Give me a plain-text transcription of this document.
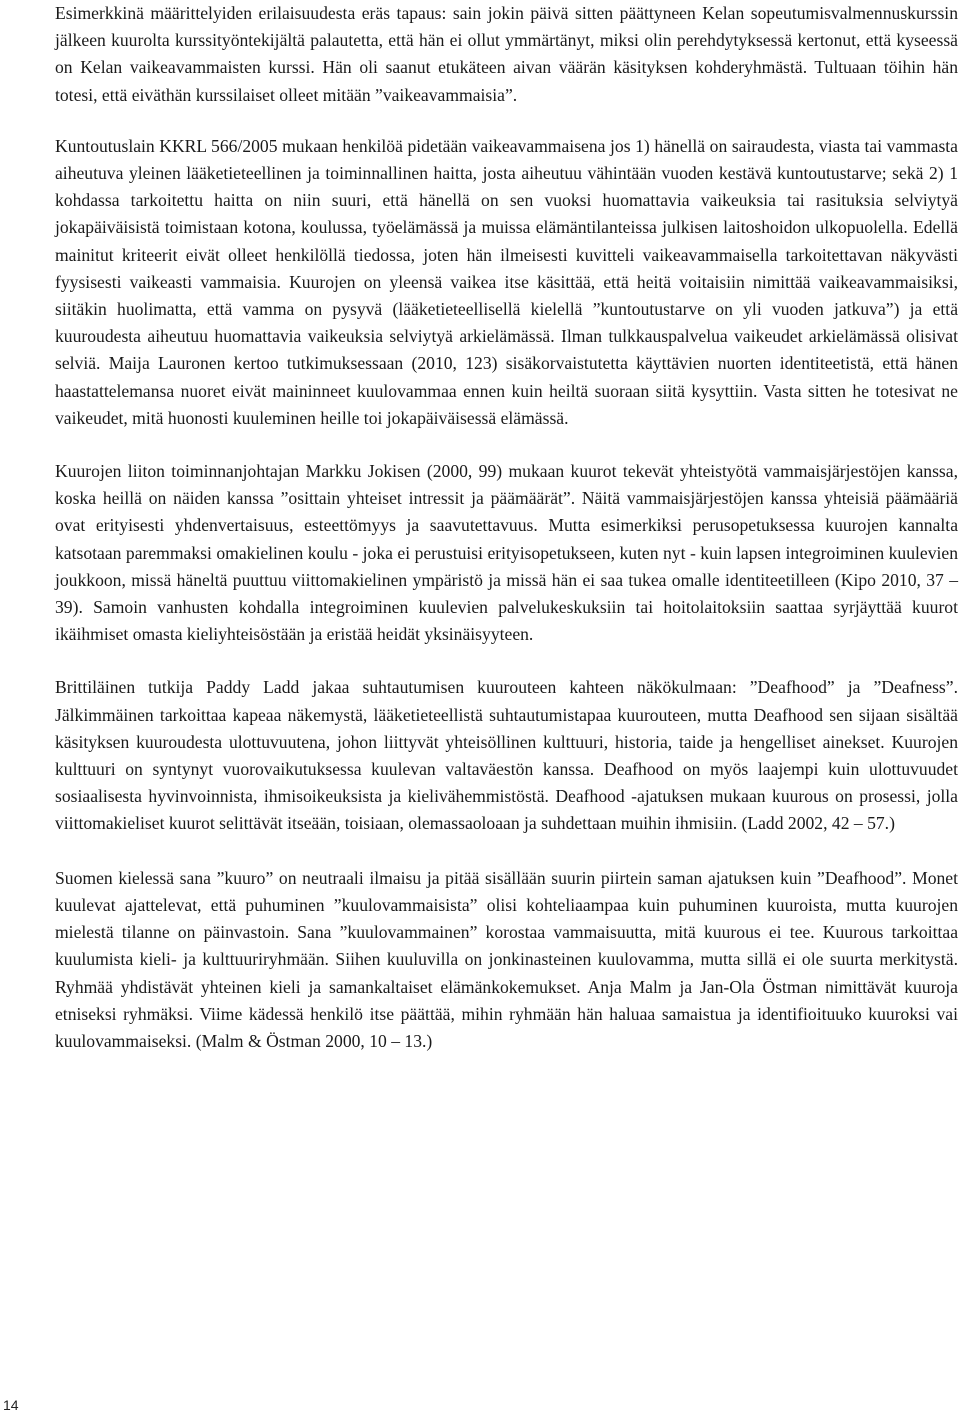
Esimerkkinä määrittelyiden erilaisuudesta eräs tapaus: sain jokin päivä sitten päättyneen Kelan sopeutumisvalmennuskurssin jälkeen kuurolta kurssityöntekijältä palautetta, että hän ei ollut ymmärtänyt, miksi olin perehdytyksessä kertonut, että kyseessä on Kelan vaikeavammaisten kurssi. Hän oli saanut etukäteen aivan väärän käsityksen kohderyhmästä. Tultuaan töihin hän totesi, että eiväthän kurssilaiset olleet mitään ”vaikeavammaisia”.

Kuntoutuslain KKRL 566/2005 mukaan henkilöä pidetään vaikeavammaisena jos 1) hänellä on sairaudesta, viasta tai vammasta aiheutuva yleinen lääketieteellinen ja toiminnallinen haitta, josta aiheutuu vähintään vuoden kestävä kuntoutustarve; sekä 2) 1 kohdassa tarkoitettu haitta on niin suuri, että hänellä on sen vuoksi huomattavia vaikeuksia tai rasituksia selviytyä jokapäiväisistä toimistaan kotona, koulussa, työelämässä ja muissa elämäntilanteissa julkisen laitoshoidon ulkopuolella. Edellä mainitut kriteerit eivät olleet henkilöllä tiedossa, joten hän ilmeisesti kuvitteli vaikeavammaisella tarkoitettavan näkyvästi fyysisesti vaikeasti vammaisia. Kuurojen on yleensä vaikea itse käsittää, että heitä voitaisiin nimittää vaikeavammaisiksi, siitäkin huolimatta, että vamma on pysyvä (lääketieteellisellä kielellä ”kuntoutustarve on yli vuoden jatkuva”) ja että kuuroudesta aiheutuu huomattavia vaikeuksia selviytyä arkielämässä. Ilman tulkkauspalvelua vaikeudet arkielämässä olisivat selviä. Maija Lauronen kertoo tutkimuksessaan (2010, 123) sisäkorvaistutetta käyttävien nuorten identiteetistä, että hänen haastattelemansa nuoret eivät maininneet kuulovammaa ennen kuin heiltä suoraan siitä kysyttiin. Vasta sitten he totesivat ne vaikeudet, mitä huonosti kuuleminen heille toi jokapäiväisessä elämässä.

Kuurojen liiton toiminnanjohtajan Markku Jokisen (2000, 99) mukaan kuurot tekevät yhteistyötä vammaisjärjestöjen kanssa, koska heillä on näiden kanssa ”osittain yhteiset intressit ja päämäärät”. Näitä vammaisjärjestöjen kanssa yhteisiä päämääriä ovat erityisesti yhdenvertaisuus, esteettömyys ja saavutettavuus. Mutta esimerkiksi perusopetuksessa kuurojen kannalta katsotaan paremmaksi omakielinen koulu - joka ei perustuisi erityisopetukseen, kuten nyt - kuin lapsen integroiminen kuulevien joukkoon, missä häneltä puuttuu viittomakielinen ympäristö ja missä hän ei saa tukea omalle identiteetilleen (Kipo 2010, 37 – 39). Samoin vanhusten kohdalla integroiminen kuulevien palvelukeskuksiin tai hoitolaitoksiin saattaa syrjäyttää kuurot ikäihmiset omasta kieliyhteisöstään ja eristää heidät yksinäisyyteen.

Brittiläinen tutkija Paddy Ladd jakaa suhtautumisen kuurouteen kahteen näkökulmaan: ”Deafhood” ja ”Deafness”. Jälkimmäinen tarkoittaa kapeaa näkemystä, lääketieteellistä suhtautumistapaa kuurouteen, mutta Deafhood sen sijaan sisältää käsityksen kuuroudesta ulottuvuutena, johon liittyvät yhteisöllinen kulttuuri, historia, taide ja hengelliset ainekset. Kuurojen kulttuuri on syntynyt vuorovaikutuksessa kuulevan valtaväestön kanssa. Deafhood on myös laajempi kuin ulottuvuudet sosiaalisesta hyvinvoinnista, ihmisoikeuksista ja kielivähemmistöstä. Deafhood -ajatuksen mukaan kuurous on prosessi, jolla viittomakieliset kuurot selittävät itseään, toisiaan, olemassaoloaan ja suhdettaan muihin ihmisiin. (Ladd 2002, 42 – 57.)

Suomen kielessä sana ”kuuro” on neutraali ilmaisu ja pitää sisällään suurin piirtein saman ajatuksen kuin ”Deafhood”. Monet kuulevat ajattelevat, että puhuminen ”kuulovammaisista” olisi kohteliaampaa kuin puhuminen kuuroista, mutta kuurojen mielestä tilanne on päinvastoin. Sana ”kuulovammainen” korostaa vammaisuutta, mitä kuurous ei tee. Kuurous tarkoittaa kuulumista kieli- ja kulttuuriryhmään. Siihen kuuluvilla on jonkinasteinen kuulovamma, mutta sillä ei ole suurta merkitystä. Ryhmää yhdistävät yhteinen kieli ja samankaltaiset elämänkokemukset. Anja Malm ja Jan-Ola Östman nimittävät kuuroja etniseksi ryhmäksi. Viime kädessä henkilö itse päättää, mihin ryhmään hän haluaa samaistua ja identifioituuko kuuroksi vai kuulovammaiseksi. (Malm & Östman 2000, 10 – 13.)

14
